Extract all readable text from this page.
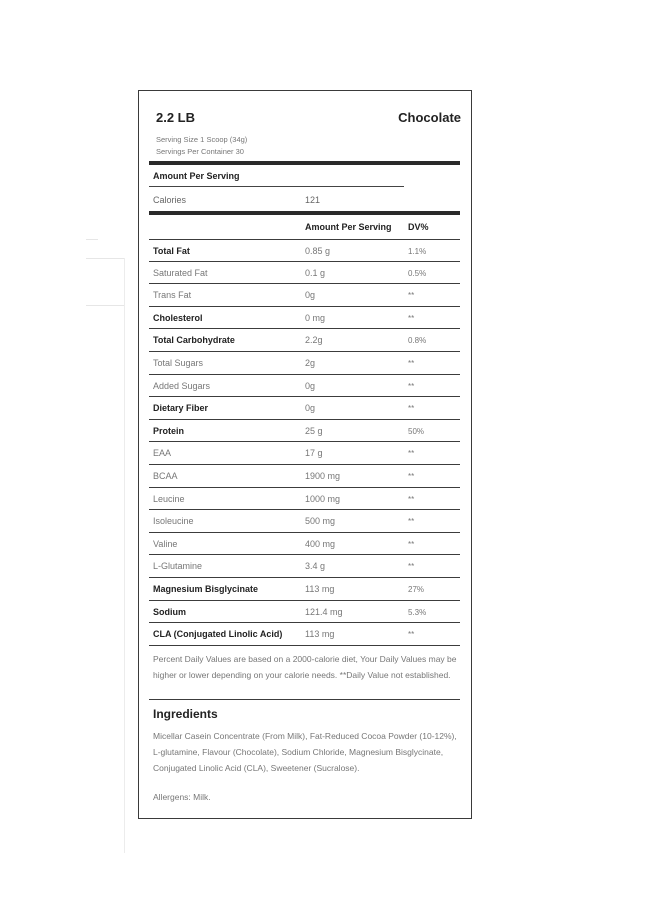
2.2 LB	Chocolate
Serving Size 1 Scoop (34g)
Servings Per Container 30
Amount Per Serving
Calories	121
Amount Per Serving DV%
Total Fat	0.85 g	1.1%
Saturated Fat	0.1 g	0.5%
Trans Fat	0g	**
Cholesterol	0 mg	**
Total Carbohydrate	2.2g	0.8%
Total Sugars	2g	**
Added Sugars	0g	**
Dietary Fiber	0g	**
Protein	25 g	50%
EAA	17 g	**
BCAA	1900 mg	**
Leucine	1000 mg	**
Isoleucine	500 mg	**
Valine	400 mg	**
L-Glutamine	3.4 g	**
Magnesium Bisglycinate	113 mg	27%
Sodium	121.4 mg	5.3%
CLA (Conjugated Linolic Acid)	113 mg	**
Percent Daily Values are based on a 2000-calorie diet, Your Daily Values may be higher or lower depending on your calorie needs. **Daily Value not established.
Ingredients
Micellar Casein Concentrate (From Milk), Fat-Reduced Cocoa Powder (10-12%), L-glutamine, Flavour (Chocolate), Sodium Chloride, Magnesium Bisglycinate, Conjugated Linolic Acid (CLA), Sweetener (Sucralose).
Allergens: Milk.
